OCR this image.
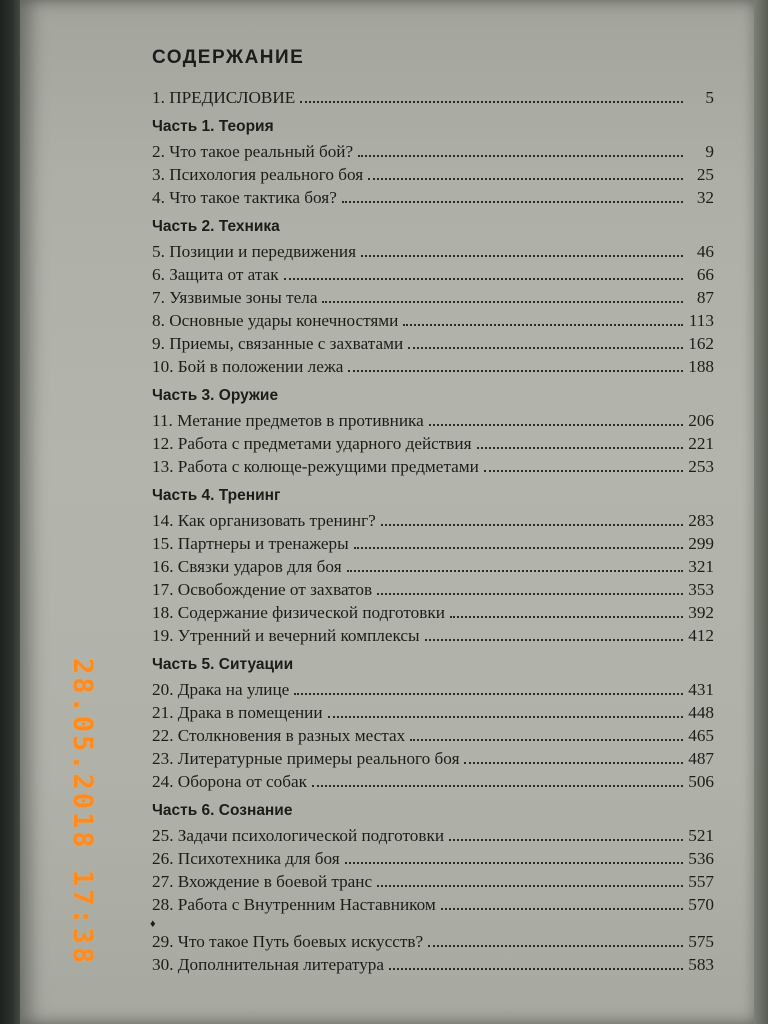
СОДЕРЖАНИЕ
1. ПРЕДИСЛОВИЕ	5
Часть 1. Теория
2. Что такое реальный бой?	9
3. Психология реального боя	25
4. Что такое тактика боя?	32
Часть 2. Техника
5. Позиции и передвижения	46
6. Защита от атак	66
7. Уязвимые зоны тела	87
8. Основные удары конечностями	113
9. Приемы, связанные с захватами	162
10. Бой в положении лежа	188
Часть 3. Оружие
11. Метание предметов в противника	206
12. Работа с предметами ударного действия	221
13. Работа с колюще-режущими предметами	253
Часть 4. Тренинг
14. Как организовать тренинг?	283
15. Партнеры и тренажеры	299
16. Связки ударов для боя	321
17. Освобождение от захватов	353
18. Содержание физической подготовки	392
19. Утренний и вечерний комплексы	412
Часть 5. Ситуации
20. Драка на улице	431
21. Драка в помещении	448
22. Столкновения в разных местах	465
23. Литературные примеры реального боя	487
24. Оборона от собак	506
Часть 6. Сознание
25. Задачи психологической подготовки	521
26. Психотехника для боя	536
27. Вхождение в боевой транс	557
28. Работа с Внутренним Наставником	570
♦
29. Что такое Путь боевых искусств?	575
30. Дополнительная литература	583
28.05.2018 17:38
